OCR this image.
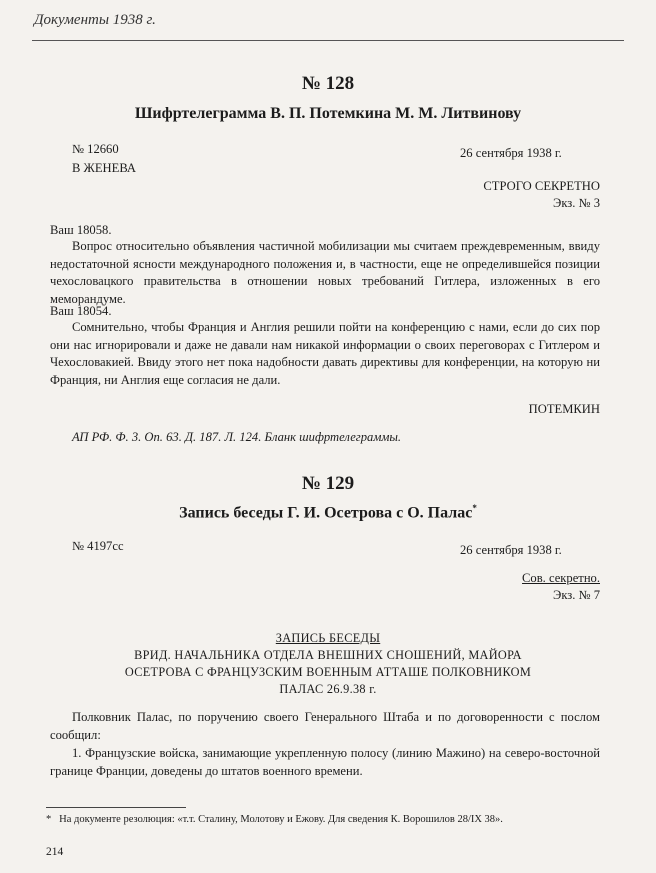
Документы 1938 г.
№ 128
Шифртелеграмма В. П. Потемкина М. М. Литвинову
№ 12660	26 сентября 1938 г.
В ЖЕНЕВА
СТРОГО СЕКРЕТНО
Экз. № 3
Ваш 18058.
Вопрос относительно объявления частичной мобилизации мы считаем преждевременным, ввиду недостаточной ясности международного положения и, в частности, еще не определившейся позиции чехословацкого правительства в отношении новых требований Гитлера, изложенных в его меморандуме.
Ваш 18054.
Сомнительно, чтобы Франция и Англия решили пойти на конференцию с нами, если до сих пор они нас игнорировали и даже не давали нам никакой информации о своих переговорах с Гитлером и Чехословакией. Ввиду этого нет пока надобности давать директивы для конференции, на которую ни Франция, ни Англия еще согласия не дали.
ПОТЕМКИН
АП РФ. Ф. 3. Оп. 63. Д. 187. Л. 124. Бланк шифртелеграммы.
№ 129
Запись беседы Г. И. Осетрова с О. Палас*
№ 4197сс	26 сентября 1938 г.
Сов. секретно.
Экз. № 7
ЗАПИСЬ БЕСЕДЫ
ВРИД. НАЧАЛЬНИКА ОТДЕЛА ВНЕШНИХ СНОШЕНИЙ, МАЙОРА
ОСЕТРОВА С ФРАНЦУЗСКИМ ВОЕННЫМ АТТАШЕ ПОЛКОВНИКОМ
ПАЛАС 26.9.38 г.
Полковник Палас, по поручению своего Генерального Штаба и по договоренности с послом сообщил:
1. Французские войска, занимающие укрепленную полосу (линию Мажино) на северо-восточной границе Франции, доведены до штатов военного времени.
* На документе резолюция: «т.т. Сталину, Молотову и Ежову. Для сведения К. Ворошилов 28/IX 38».
214
